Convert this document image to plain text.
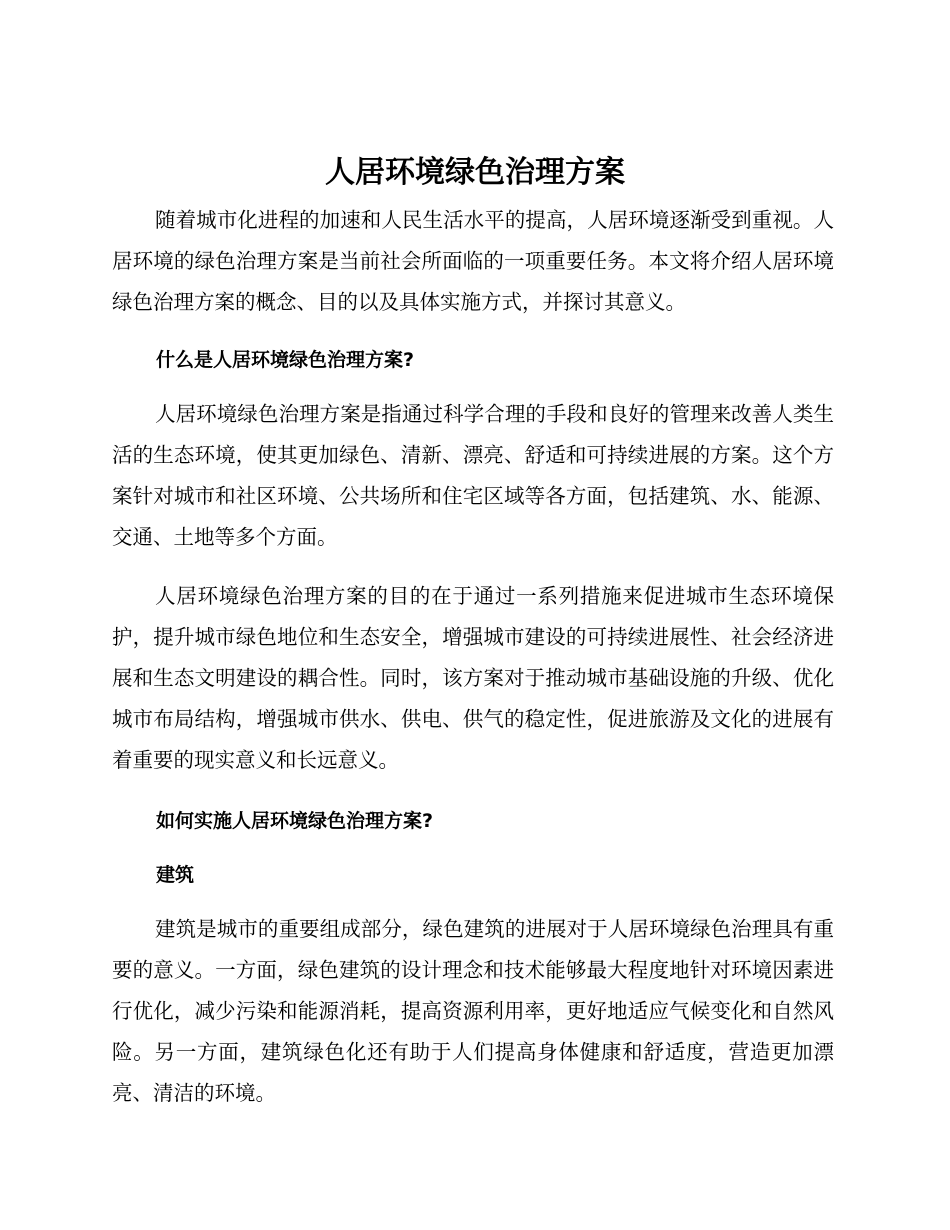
人居环境绿色治理方案

随着城市化进程的加速和人民生活水平的提高，人居环境逐渐受到重视。人居环境的绿色治理方案是当前社会所面临的一项重要任务。本文将介绍人居环境绿色治理方案的概念、目的以及具体实施方式，并探讨其意义。

什么是人居环境绿色治理方案?

人居环境绿色治理方案是指通过科学合理的手段和良好的管理来改善人类生活的生态环境，使其更加绿色、清新、漂亮、舒适和可持续进展的方案。这个方案针对城市和社区环境、公共场所和住宅区域等各方面，包括建筑、水、能源、交通、土地等多个方面。

人居环境绿色治理方案的目的在于通过一系列措施来促进城市生态环境保护，提升城市绿色地位和生态安全，增强城市建设的可持续进展性、社会经济进展和生态文明建设的耦合性。同时，该方案对于推动城市基础设施的升级、优化城市布局结构，增强城市供水、供电、供气的稳定性，促进旅游及文化的进展有着重要的现实意义和长远意义。

如何实施人居环境绿色治理方案?
建筑

建筑是城市的重要组成部分，绿色建筑的进展对于人居环境绿色治理具有重要的意义。一方面，绿色建筑的设计理念和技术能够最大程度地针对环境因素进行优化，减少污染和能源消耗，提高资源利用率，更好地适应气候变化和自然风险。另一方面，建筑绿色化还有助于人们提高身体健康和舒适度，营造更加漂亮、清洁的环境。
